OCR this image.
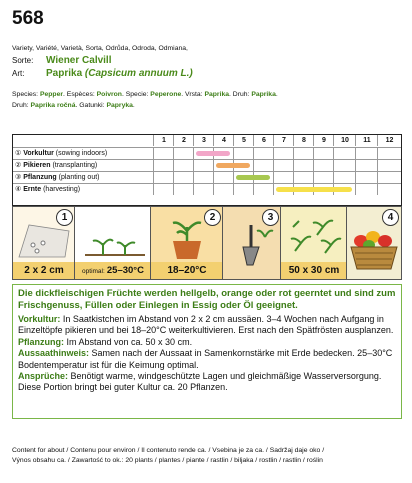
568
Variety, Variété, Varietà, Sorta, Odrůda, Odroda, Odmiana,
Sorte: Wiener Calvill
Art: Paprika (Capsicum annuum L.)
Species: Pepper. Espèces: Poivron. Specie: Peperone. Vrsta: Paprika. Druh: Paprika.
Druh: Paprika ročná. Gatunki: Papryka.
1	2	3	4	5	6	7	8	9	10	11	12
① Vorkultur (sowing indoors)
② Pikieren (transplanting)
③ Pflanzung (planting out)
④ Ernte (harvesting)
1
2 x 2 cm	optimal: 25–30°C
2
18–20°C
3
50 x 30 cm
4
Die dickfleischigen Früchte werden hellgelb, orange oder rot geerntet und sind zum Frischgenuss, Füllen oder Einlegen in Essig oder Öl geeignet.
Vorkultur: In Saatkistchen im Abstand von 2 x 2 cm aussäen. 3–4 Wochen nach Aufgang in Einzeltöpfe pikieren und bei 18–20°C weiterkultivieren. Erst nach den Spätfrösten ausplanzen. Pflanzung: Im Abstand von ca. 50 x 30 cm.
Aussaathinweis: Samen nach der Aussaat in Samenkornstärke mit Erde bedecken. 25–30°C Bodentemperatur ist für die Keimung optimal.
Ansprüche: Benötigt warme, windgeschützte Lagen und gleichmäßige Wasserversorgung. Diese Portion bringt bei guter Kultur ca. 20 Pflanzen.
Content for about / Contenu pour environ / Il contenuto rende ca. / Vsebina je za ca. / Sadržaj daje oko /
Výnos obsahu ca. / Zawartość to ok.: 20 plants / plantes / piante / rastlin / biljaka / rostlin / rastlin / roślin
